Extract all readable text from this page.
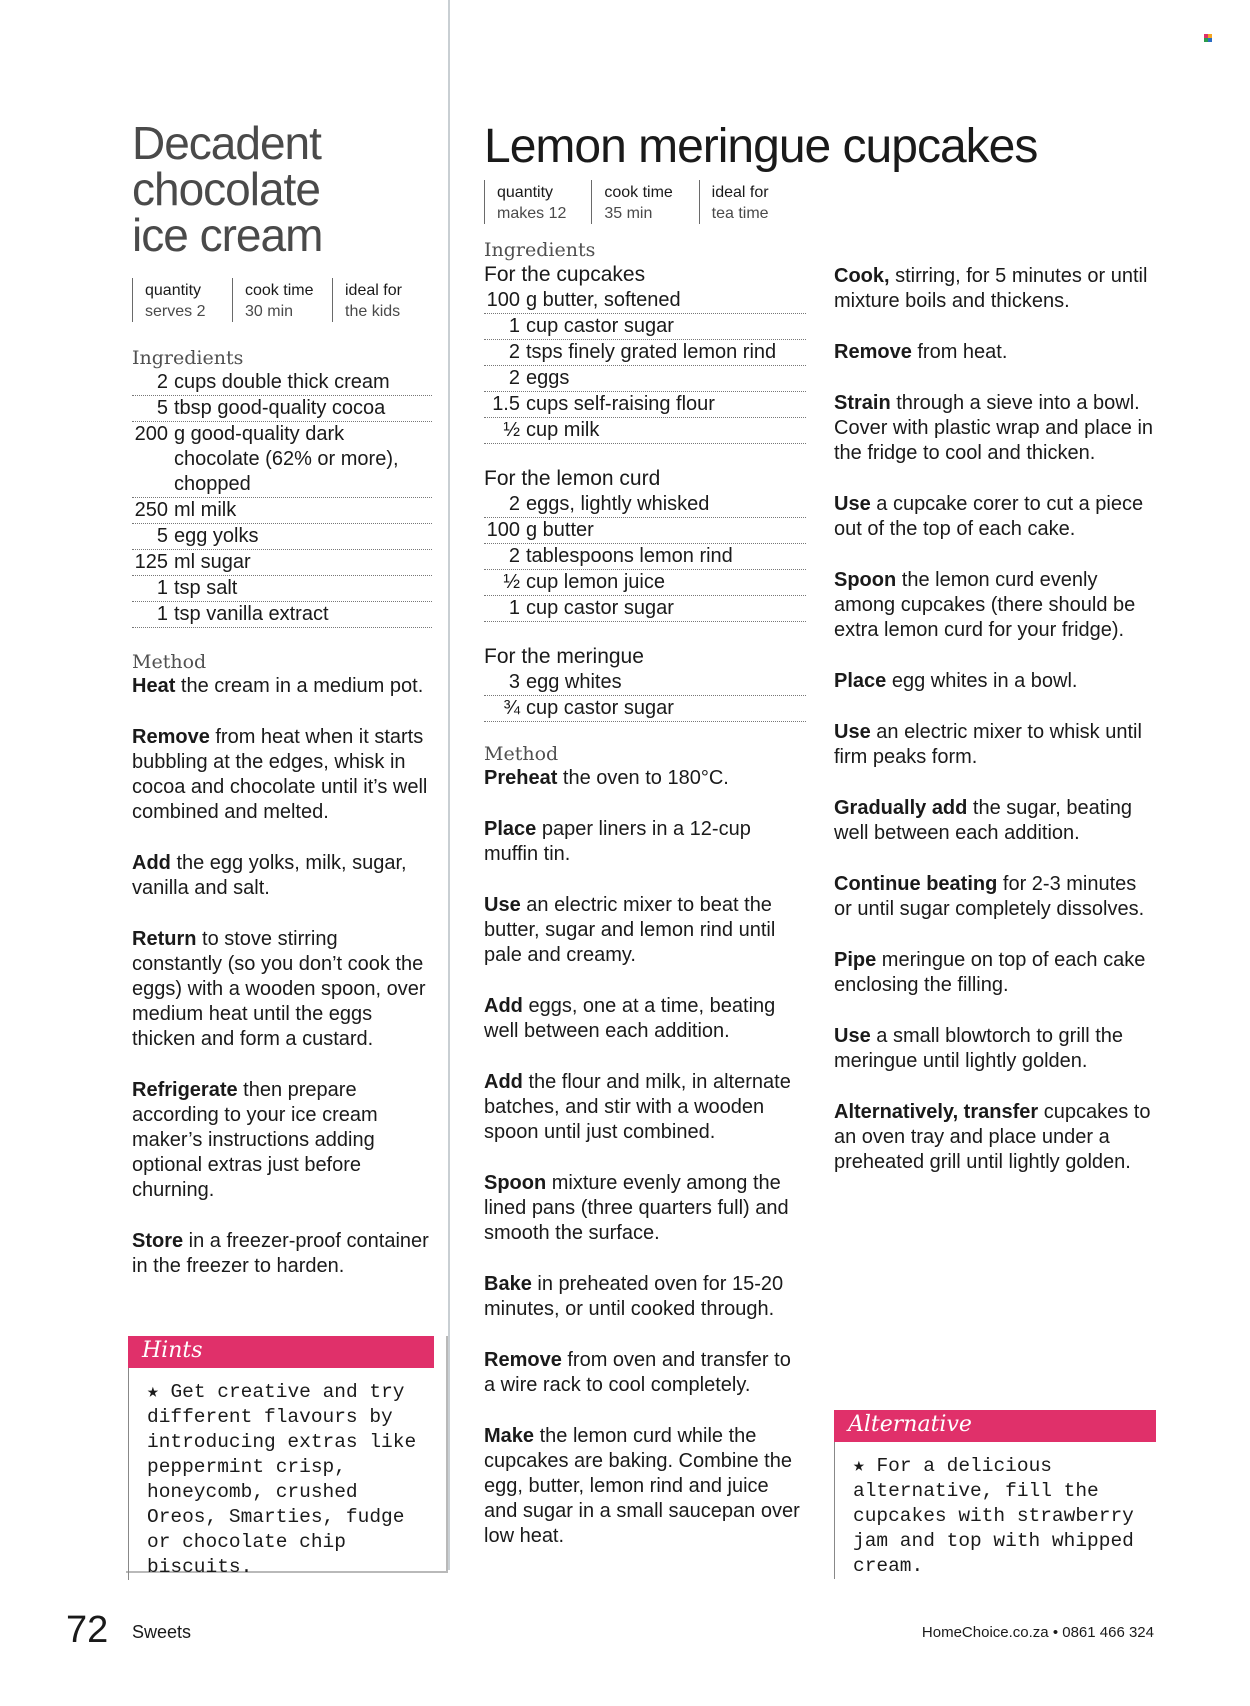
Decadent
chocolate
ice cream
quantity
serves 2
cook time
30 min
ideal for
the kids
Ingredients
2 cups double thick cream
5 tbsp good-quality cocoa
200 g good-quality dark chocolate (62% or more), chopped
250 ml milk
5 egg yolks
125 ml sugar
1 tsp salt
1 tsp vanilla extract
Method
Heat the cream in a medium pot.
Remove from heat when it starts bubbling at the edges, whisk in cocoa and chocolate until it’s well combined and melted.
Add the egg yolks, milk, sugar, vanilla and salt.
Return to stove stirring constantly (so you don’t cook the eggs) with a wooden spoon, over medium heat until the eggs thicken and form a custard.
Refrigerate then prepare according to your ice cream maker’s instructions adding optional extras just before churning.
Store in a freezer-proof container in the freezer to harden.
Hints
★ Get creative and try different flavours by introducing extras like peppermint crisp, honeycomb, crushed Oreos, Smarties, fudge or chocolate chip biscuits.
Lemon meringue cupcakes
quantity
makes 12
cook time
35 min
ideal for
tea time
Ingredients
For the cupcakes
100 g butter, softened
1 cup castor sugar
2 tsps finely grated lemon rind
2 eggs
1.5 cups self-raising flour
½ cup milk
For the lemon curd
2 eggs, lightly whisked
100 g butter
2 tablespoons lemon rind
½ cup lemon juice
1 cup castor sugar
For the meringue
3 egg whites
¾ cup castor sugar
Method
Preheat the oven to 180°C.
Place paper liners in a 12-cup muffin tin.
Use an electric mixer to beat the butter, sugar and lemon rind until pale and creamy.
Add eggs, one at a time, beating well between each addition.
Add the flour and milk, in alternate batches, and stir with a wooden spoon until just combined.
Spoon mixture evenly among the lined pans (three quarters full) and smooth the surface.
Bake in preheated oven for 15-20 minutes, or until cooked through.
Remove from oven and transfer to a wire rack to cool completely.
Make the lemon curd while the cupcakes are baking. Combine the egg, butter, lemon rind and juice and sugar in a small saucepan over low heat.
Cook, stirring, for 5 minutes or until mixture boils and thickens.
Remove from heat.
Strain through a sieve into a bowl. Cover with plastic wrap and place in the fridge to cool and thicken.
Use a cupcake corer to cut a piece out of the top of each cake.
Spoon the lemon curd evenly among cupcakes (there should be extra lemon curd for your fridge).
Place egg whites in a bowl.
Use an electric mixer to whisk until firm peaks form.
Gradually add the sugar, beating well between each addition.
Continue beating for 2-3 minutes or until sugar completely dissolves.
Pipe meringue on top of each cake enclosing the filling.
Use a small blowtorch to grill the meringue until lightly golden.
Alternatively, transfer cupcakes to an oven tray and place under a preheated grill until lightly golden.
Alternative
★ For a delicious alternative, fill the cupcakes with strawberry jam and top with whipped cream.
72 Sweets	HomeChoice.co.za • 0861 466 324
